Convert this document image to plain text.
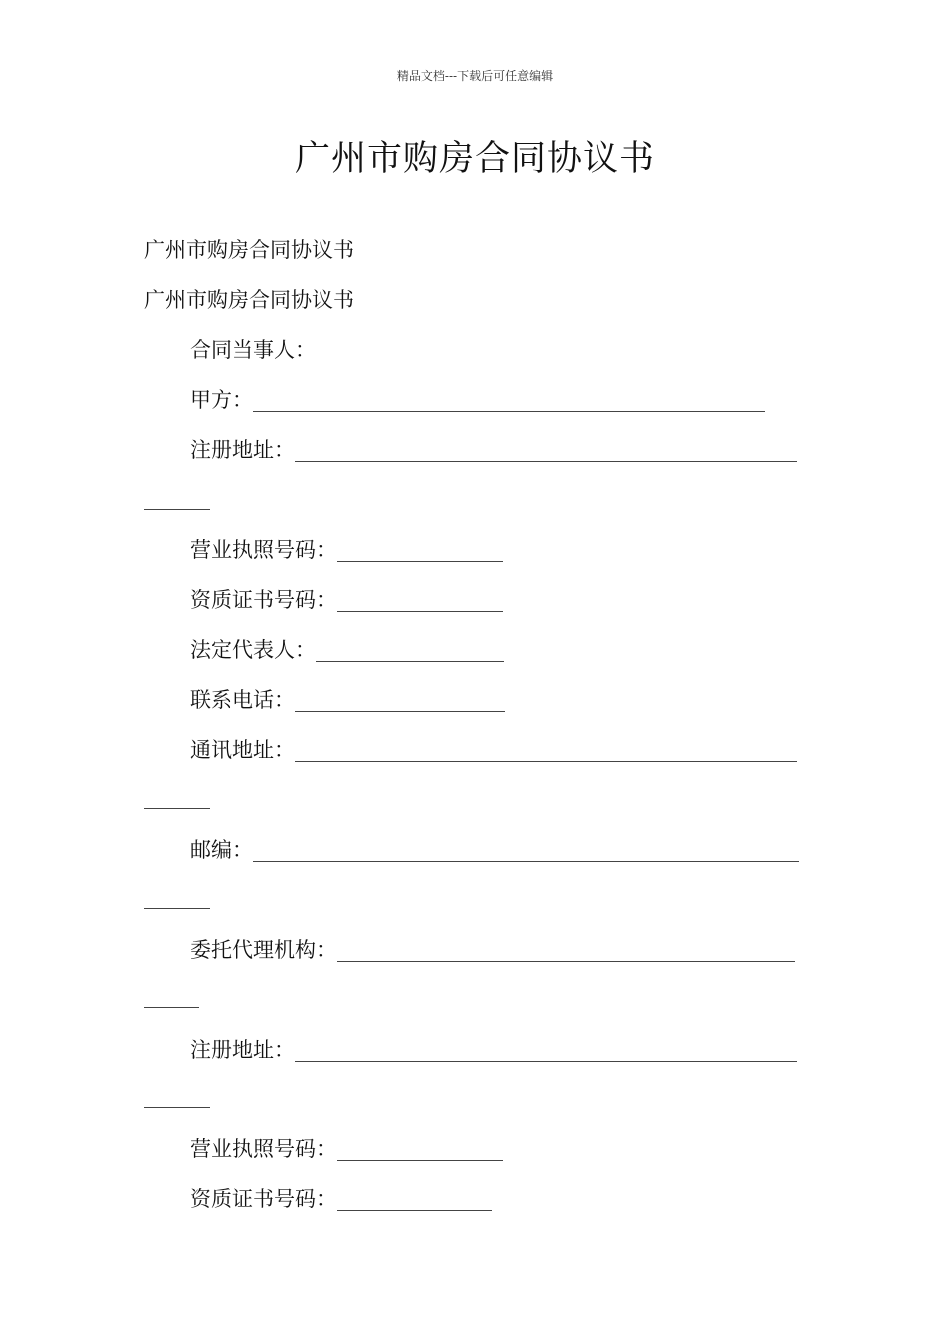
精品文档---下载后可任意编辑
广州市购房合同协议书
广州市购房合同协议书
广州市购房合同协议书
合同当事人：
甲方：
注册地址：
营业执照号码：
资质证书号码：
法定代表人：
联系电话：
通讯地址：
邮编：
委托代理机构：
注册地址：
营业执照号码：
资质证书号码：
